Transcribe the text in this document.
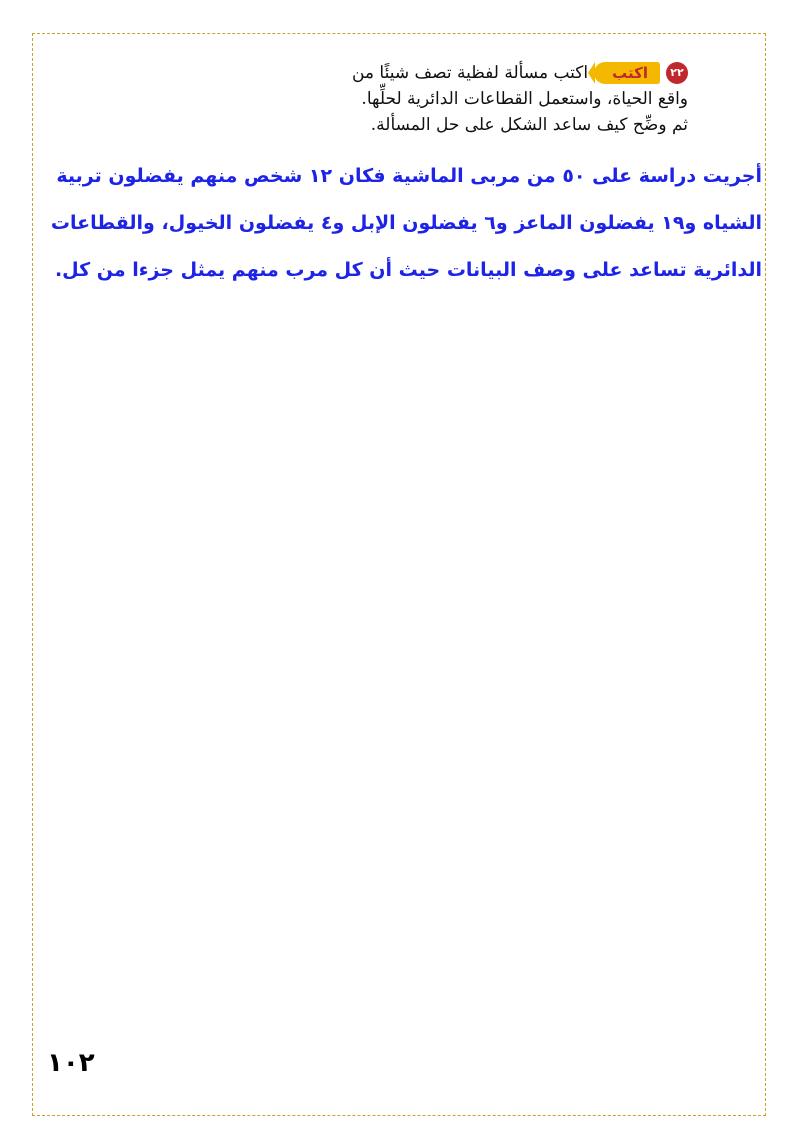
٢٢
اكتب
اكتب مسألة لفظية تصف شيئًا من
واقع الحياة، واستعمل القطاعات الدائرية لحلِّها.
ثم وضِّح كيف ساعد الشكل على حل المسألة.
أجريت دراسة على ٥٠ من مربى الماشية فكان ١٢ شخص منهم يفضلون تربية
الشياه و١٩ يفضلون الماعز و٦ يفضلون الإبل و٤ يفضلون الخيول، والقطاعات
الدائرية تساعد على وصف البيانات حيث أن كل مرب منهم يمثل جزءا من كل.
١٠٢
